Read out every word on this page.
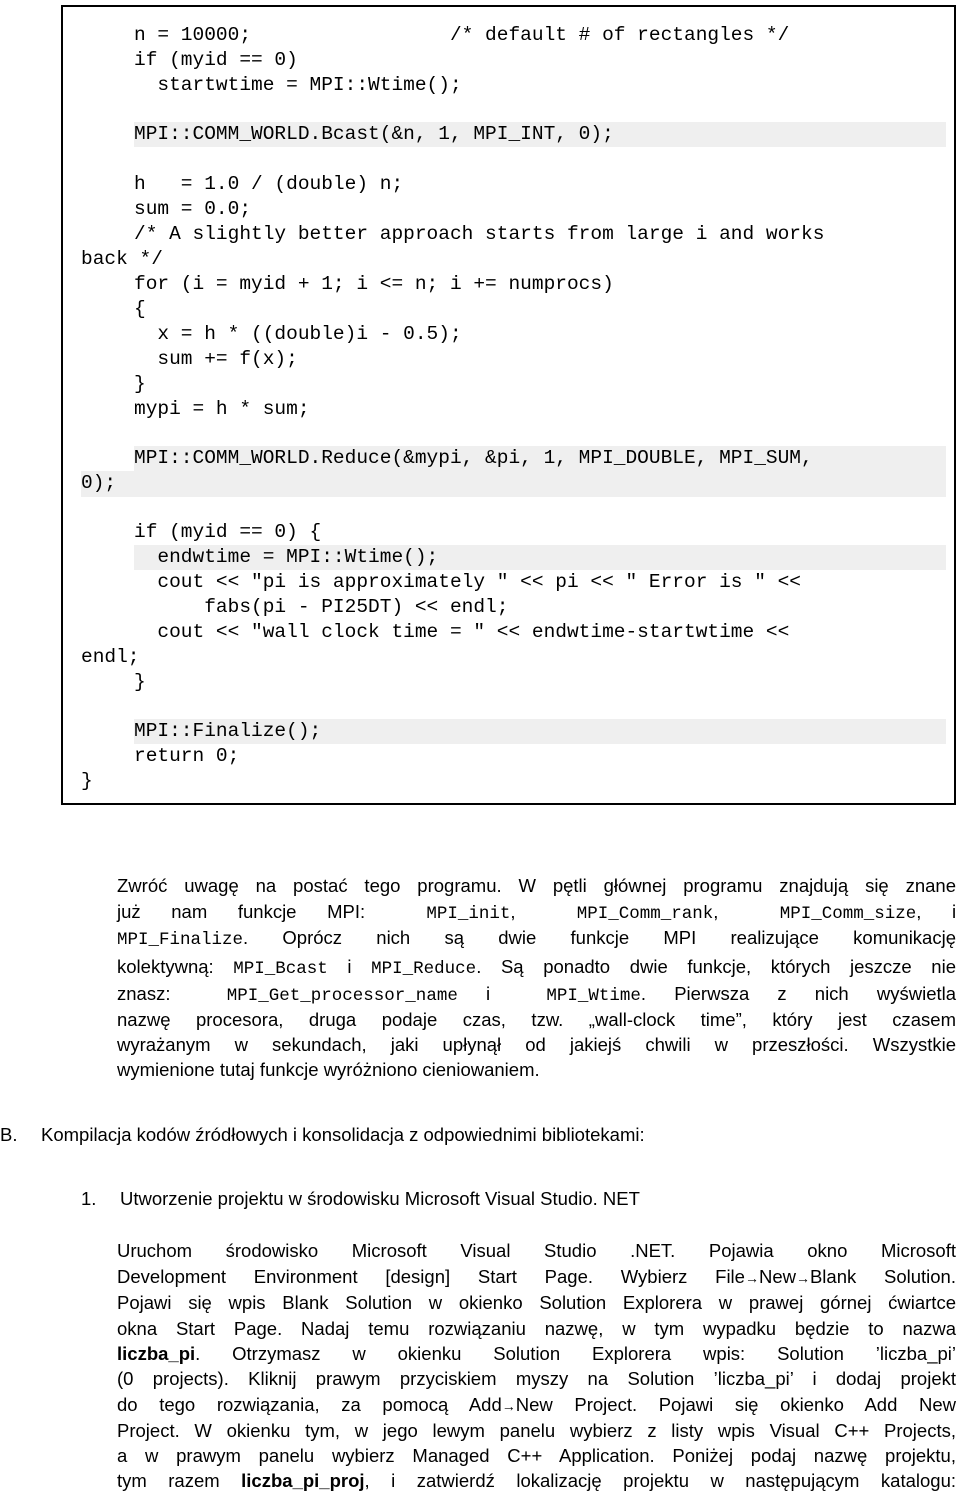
n = 10000;                 /* default # of rectangles */
if (myid == 0)
startwtime = MPI::Wtime();
MPI::COMM_WORLD.Bcast(&n, 1, MPI_INT, 0);
h   = 1.0 / (double) n;
sum = 0.0;
/* A slightly better approach starts from large i and works
back */
for (i = myid + 1; i <= n; i += numprocs)
{
x = h * ((double)i - 0.5);
sum += f(x);
}
mypi = h * sum;
MPI::COMM_WORLD.Reduce(&mypi, &pi, 1, MPI_DOUBLE, MPI_SUM,
0);
if (myid == 0) {
endwtime = MPI::Wtime();
cout << "pi is approximately " << pi << " Error is " <<
fabs(pi - PI25DT) << endl;
cout << "wall clock time = " << endwtime-startwtime <<
endl;
}
MPI::Finalize();
return 0;
}
Zwróć uwagę na postać tego programu. W pętli głównej programu znajdują się znane
już nam funkcje MPI:  MPI_init,  MPI_Comm_rank,  MPI_Comm_size, i
MPI_Finalize. Oprócz nich są dwie funkcje MPI realizujące komunikację
kolektywną: MPI_Bcast i MPI_Reduce. Są ponadto dwie funkcje, których jeszcze nie
znasz:  MPI_Get_processor_name i  MPI_Wtime. Pierwsza z nich wyświetla
nazwę procesora, druga podaje czas, tzw. „wall-clock time”, który jest czasem
wyrażanym w sekundach, jaki upłynął od jakiejś chwili w przeszłości. Wszystkie
wymienione tutaj funkcje wyróżniono cieniowaniem.
B. Kompilacja kodów źródłowych i konsolidacja z odpowiednimi bibliotekami:
1. Utworzenie projektu w środowisku Microsoft Visual Studio. NET
Uruchom środowisko Microsoft Visual Studio .NET. Pojawia okno Microsoft
Development Environment [design] Start Page. Wybierz File→New→Blank Solution.
Pojawi się wpis Blank Solution w okienko Solution Explorera w prawej górnej ćwiartce
okna Start Page. Nadaj temu rozwiązaniu nazwę, w tym wypadku będzie to nazwa
liczba_pi. Otrzymasz w okienku Solution Explorera wpis: Solution ’liczba_pi’
(0 projects). Kliknij prawym przyciskiem myszy na Solution ’liczba_pi’ i dodaj projekt
do tego rozwiązania, za pomocą Add→New Project. Pojawi się okienko Add New
Project. W okienku tym, w jego lewym panelu wybierz z listy wpis Visual C++ Projects,
a w prawym panelu wybierz Managed C++ Application. Poniżej podaj nazwę projektu,
tym razem liczba_pi_proj, i zatwierdź lokalizację projektu w następującym katalogu:
